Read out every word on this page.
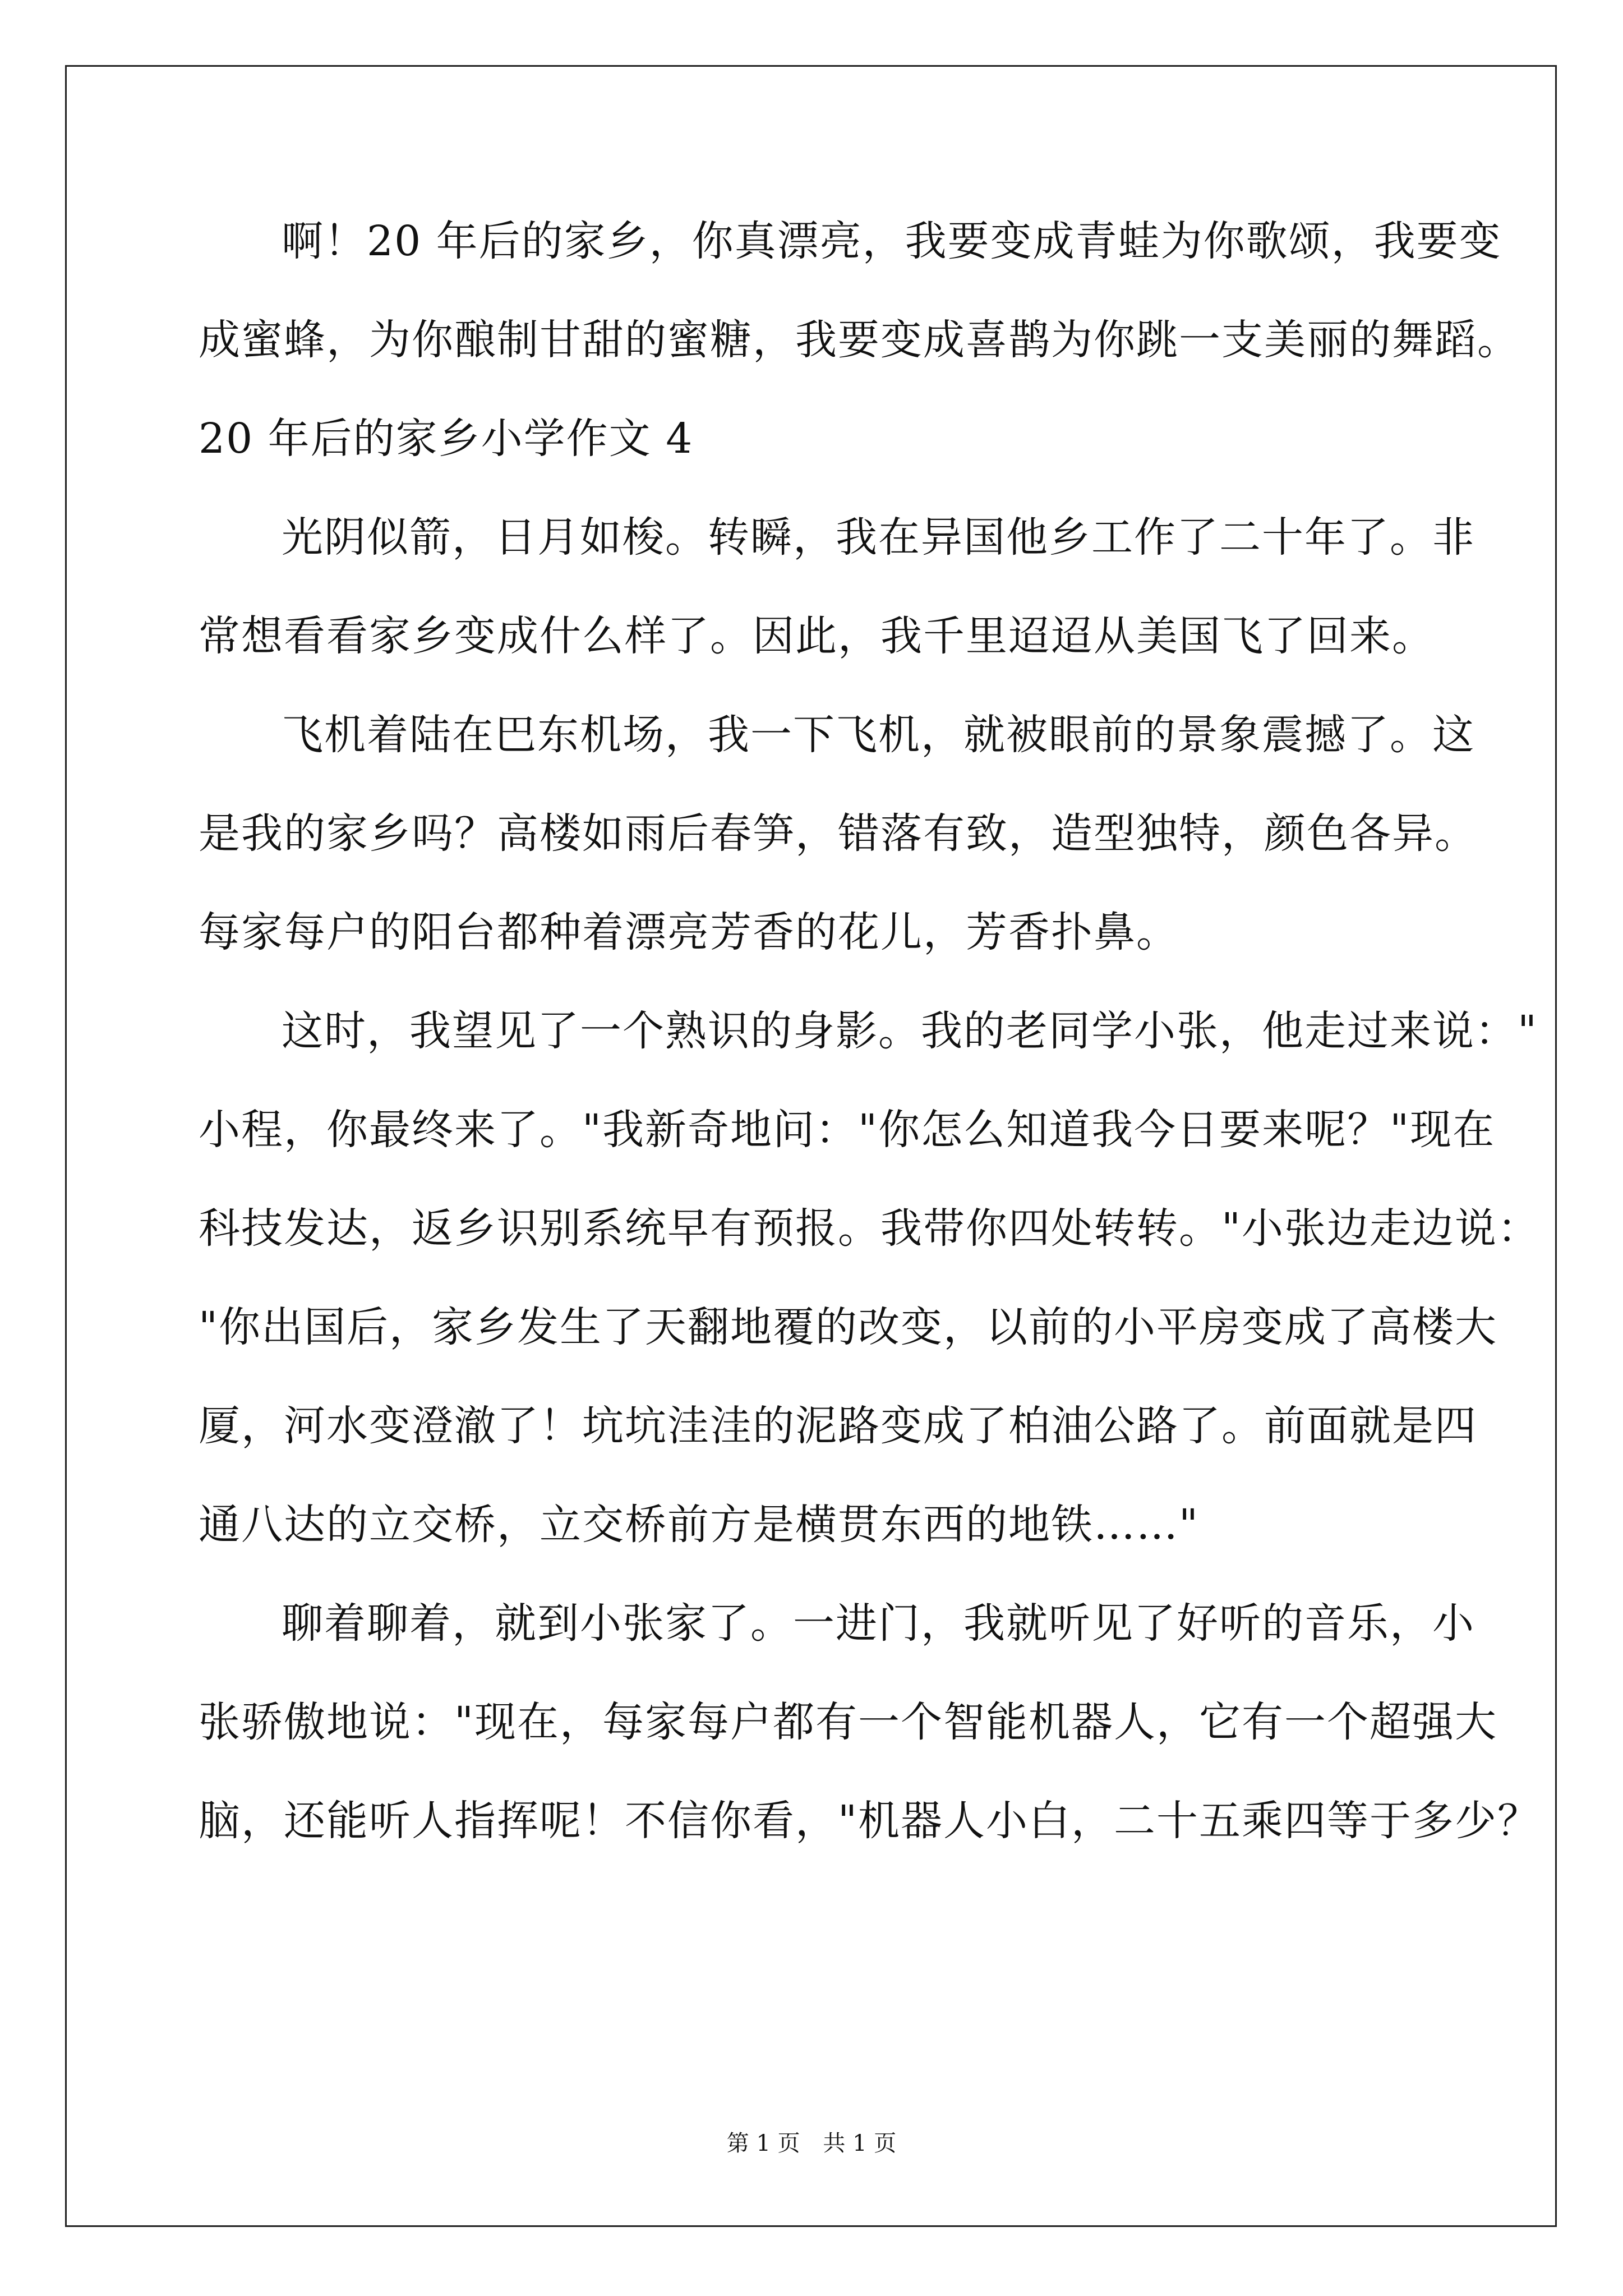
啊！20 年后的家乡，你真漂亮，我要变成青蛙为你歌颂，我要变
成蜜蜂，为你酿制甘甜的蜜糖，我要变成喜鹊为你跳一支美丽的舞蹈。
20 年后的家乡小学作文 4
光阴似箭，日月如梭。转瞬，我在异国他乡工作了二十年了。非
常想看看家乡变成什么样了。因此，我千里迢迢从美国飞了回来。
飞机着陆在巴东机场，我一下飞机，就被眼前的景象震撼了。这
是我的家乡吗？高楼如雨后春笋，错落有致，造型独特，颜色各异。
每家每户的阳台都种着漂亮芳香的花儿，芳香扑鼻。
这时，我望见了一个熟识的身影。我的老同学小张，他走过来说："
小程，你最终来了。"我新奇地问："你怎么知道我今日要来呢？"现在
科技发达，返乡识别系统早有预报。我带你四处转转。"小张边走边说：
"你出国后，家乡发生了天翻地覆的改变，以前的小平房变成了高楼大
厦，河水变澄澈了！坑坑洼洼的泥路变成了柏油公路了。前面就是四
通八达的立交桥，立交桥前方是横贯东西的地铁……"
聊着聊着，就到小张家了。一进门，我就听见了好听的音乐，小
张骄傲地说："现在，每家每户都有一个智能机器人，它有一个超强大
脑，还能听人指挥呢！不信你看，"机器人小白，二十五乘四等于多少？
第 1 页 共 1 页
